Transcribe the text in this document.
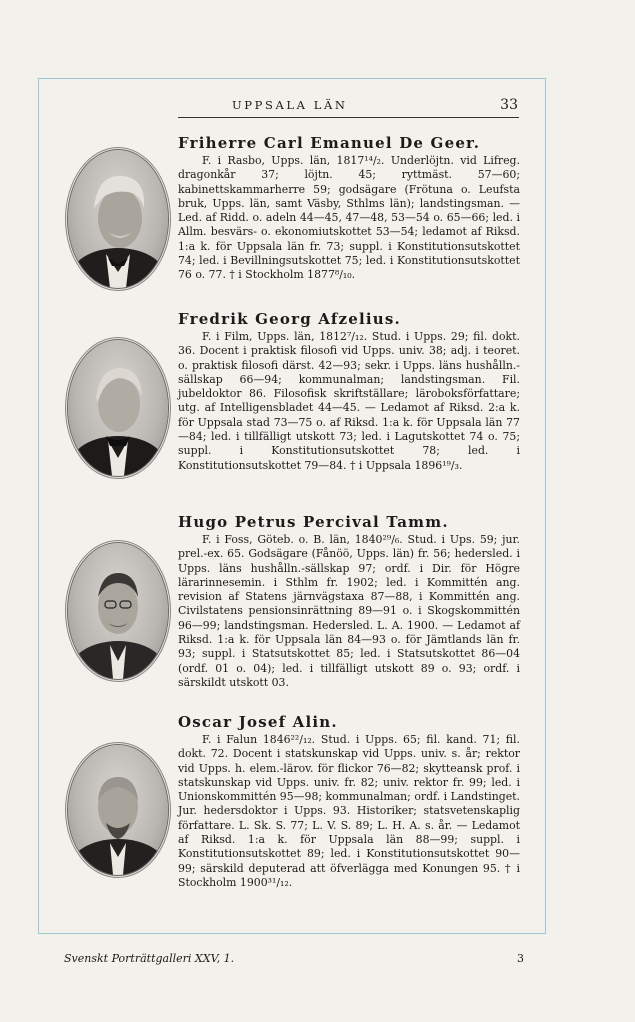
UPPSALA LÄN	33
Friherre Carl Emanuel De Geer.

F. i Rasbo, Upps. län, 1817¹⁴/₂. Underlöjtn. vid Lifreg. dragonkår 37; löjtn. 45; ryttmäst. 57—60; kabinettskammarherre 59; godsägare (Frötuna o. Leufsta bruk, Upps. län, samt Väsby, Sthlms län); landstingsman. — Led. af Ridd. o. adeln 44—45, 47—48, 53—54 o. 65—66; led. i Allm. besvärs- o. ekonomiutskottet 53—54; ledamot af Riksd. 1:a k. för Uppsala län fr. 73; suppl. i Konstitutionsutskottet 74; led. i Bevillningsutskottet 75; led. i Konstitutionsutskottet 76 o. 77. † i Stockholm 1877⁸/₁₀.

Fredrik Georg Afzelius.

F. i Film, Upps. län, 1812⁷/₁₂. Stud. i Upps. 29; fil. dokt. 36. Docent i praktisk filosofi vid Upps. univ. 38; adj. i teoret. o. praktisk filosofi därst. 42—93; sekr. i Upps. läns hushålln.-sällskap 66—94; kommunalman; landstingsman. Fil. jubeldoktor 86. Filosofisk skriftställare; läroboksförfattare; utg. af Intelligensbladet 44—45. — Ledamot af Riksd. 2:a k. för Uppsala stad 73—75 o. af Riksd. 1:a k. för Uppsala län 77—84; led. i tillfälligt utskott 73; led. i Lagutskottet 74 o. 75; suppl. i Konstitutionsutskottet 78; led. i Konstitutionsutskottet 79—84. † i Uppsala 1896¹⁹/₃.

Hugo Petrus Percival Tamm.

F. i Foss, Göteb. o. B. län, 1840²⁹/₆. Stud. i Ups. 59; jur. prel.-ex. 65. Godsägare (Fånöö, Upps. län) fr. 56; hedersled. i Upps. läns hushålln.-sällskap 97; ordf. i Dir. för Högre lärarinnesemin. i Sthlm fr. 1902; led. i Kommittén ang. revision af Statens järnvägstaxa 87—88, i Kommittén ang. Civilstatens pensionsinrättning 89—91 o. i Skogskommittén 96—99; landstingsman. Hedersled. L. A. 1900. — Ledamot af Riksd. 1:a k. för Uppsala län 84—93 o. för Jämtlands län fr. 93; suppl. i Statsutskottet 85; led. i Statsutskottet 86—04 (ordf. 01 o. 04); led. i tillfälligt utskott 89 o. 93; ordf. i särskildt utskott 03.

Oscar Josef Alin.

F. i Falun 1846²²/₁₂. Stud. i Upps. 65; fil. kand. 71; fil. dokt. 72. Docent i statskunskap vid Upps. univ. s. år; rektor vid Upps. h. elem.-lärov. för flickor 76—82; skytteansk prof. i statskunskap vid Upps. univ. fr. 82; univ. rektor fr. 99; led. i Unionskommittén 95—98; kommunalman; ordf. i Landstinget. Jur. hedersdoktor i Upps. 93. Historiker; statsvetenskaplig författare. L. Sk. S. 77; L. V. S. 89; L. H. A. s. år. — Ledamot af Riksd. 1:a k. för Uppsala län 88—99; suppl. i Konstitutionsutskottet 89; led. i Konstitutionsutskottet 90—99; särskild deputerad att öfverlägga med Konungen 95. † i Stockholm 1900³¹/₁₂.

Svenskt Porträttgalleri XXV, 1.	3
